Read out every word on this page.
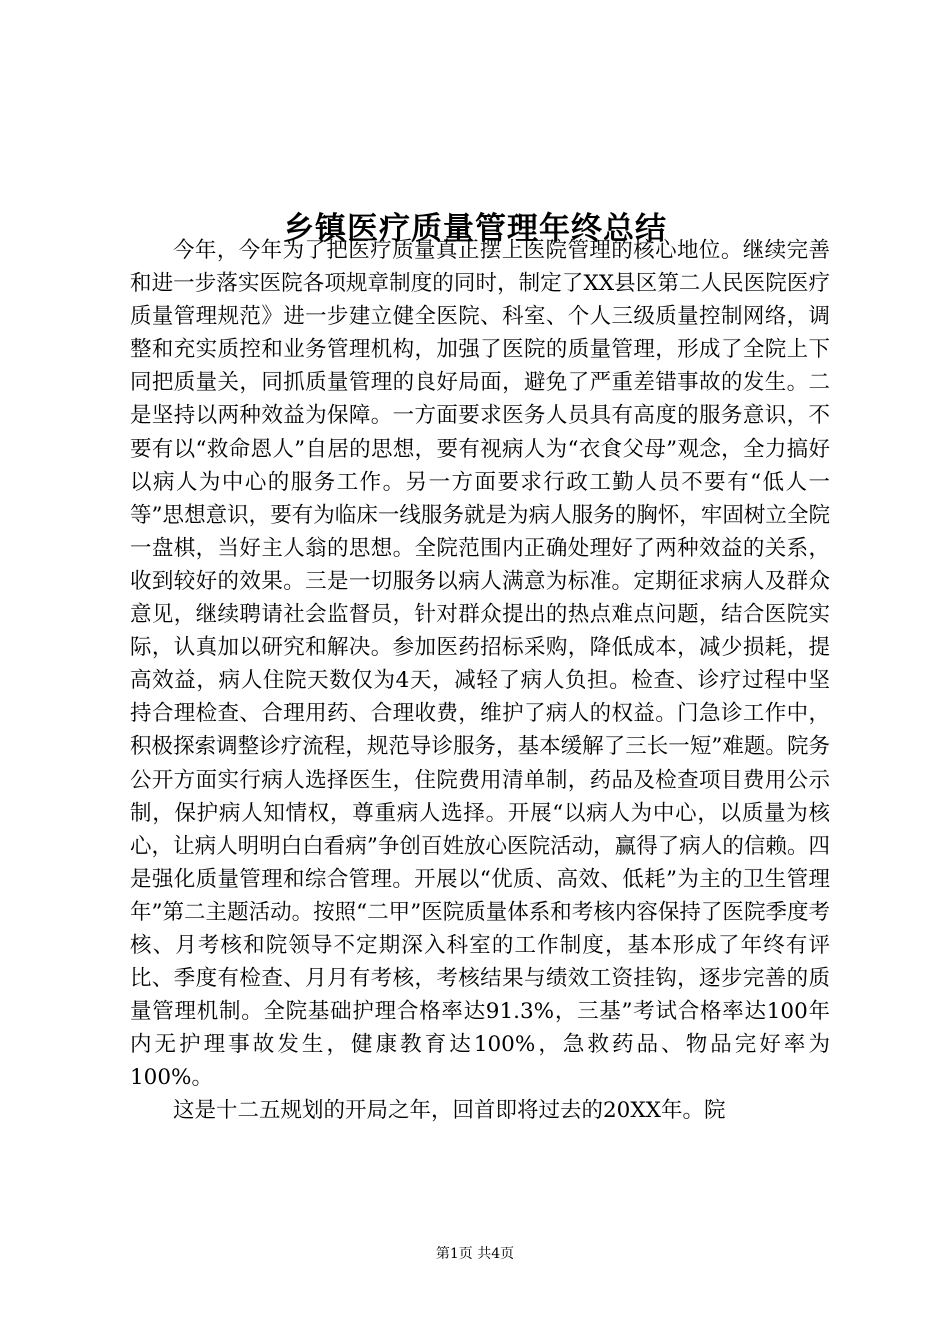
乡镇医疗质量管理年终总结

今年，今年为了把医疗质量真正摆上医院管理的核心地位。继续完善和进一步落实医院各项规章制度的同时，制定了XX县区第二人民医院医疗质量管理规范》进一步建立健全医院、科室、个人三级质量控制网络，调整和充实质控和业务管理机构，加强了医院的质量管理，形成了全院上下同把质量关，同抓质量管理的良好局面，避免了严重差错事故的发生。二是坚持以两种效益为保障。一方面要求医务人员具有高度的服务意识，不要有以“救命恩人”自居的思想，要有视病人为“衣食父母”观念，全力搞好以病人为中心的服务工作。另一方面要求行政工勤人员不要有“低人一等”思想意识，要有为临床一线服务就是为病人服务的胸怀，牢固树立全院一盘棋，当好主人翁的思想。全院范围内正确处理好了两种效益的关系，收到较好的效果。三是一切服务以病人满意为标准。定期征求病人及群众意见，继续聘请社会监督员，针对群众提出的热点难点问题，结合医院实际，认真加以研究和解决。参加医药招标采购，降低成本，减少损耗，提高效益，病人住院天数仅为4天，减轻了病人负担。检查、诊疗过程中坚持合理检查、合理用药、合理收费，维护了病人的权益。门急诊工作中，积极探索调整诊疗流程，规范导诊服务，基本缓解了三长一短”难题。院务公开方面实行病人选择医生，住院费用清单制，药品及检查项目费用公示制，保护病人知情权，尊重病人选择。开展“以病人为中心，以质量为核心，让病人明明白白看病”争创百姓放心医院活动，赢得了病人的信赖。四是强化质量管理和综合管理。开展以“优质、高效、低耗”为主的卫生管理年”第二主题活动。按照“二甲”医院质量体系和考核内容保持了医院季度考核、月考核和院领导不定期深入科室的工作制度，基本形成了年终有评比、季度有检查、月月有考核，考核结果与绩效工资挂钩，逐步完善的质量管理机制。全院基础护理合格率达91.3%，三基”考试合格率达100年内无护理事故发生，健康教育达100%，急救药品、物品完好率为100%。

这是十二五规划的开局之年，回首即将过去的20XX年。院

第1页 共4页
